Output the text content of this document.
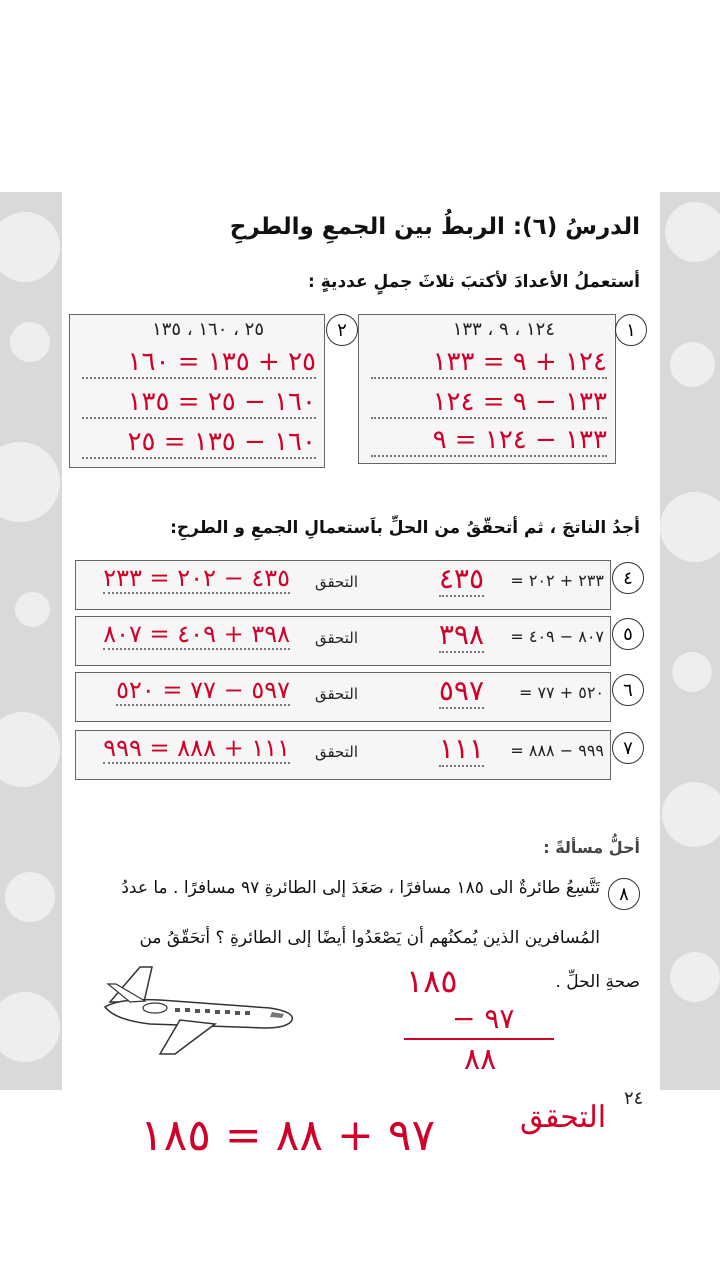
الدرسُ (٦): الربطُ بين الجمعِ والطرحِ
أستعملُ الأعدادَ لأكتبَ ثلاثَ جملٍ عدديةٍ :
١٢٤ ، ٩ ، ١٣٣
١٢٤ + ٩ = ١٣٣
١٣٣ − ٩ = ١٢٤
١٣٣ − ١٢٤ = ٩
١
٢٥ ، ١٦٠ ، ١٣٥
٢٥ + ١٣٥ = ١٦٠
١٦٠ − ٢٥ = ١٣٥
١٦٠ − ١٣٥ = ٢٥
٢
أجدُ الناتجَ ، ثم أتحقّقُ من الحلِّ باَستعمالِ الجمعِ و الطرحِ:
٢٣٣ + ٢٠٢ =
٤٣٥
التحقق
٤٣٥ − ٢٠٢ = ٢٣٣	٤
٨٠٧ − ٤٠٩ =
٣٩٨
التحقق
٣٩٨ + ٤٠٩ = ٨٠٧	٥
٥٢٠ + ٧٧ =
٥٩٧
التحقق
٥٩٧ − ٧٧ = ٥٢٠	٦
٩٩٩ − ٨٨٨ =
١١١
التحقق
١١١ + ٨٨٨ = ٩٩٩	٧
أحلُّ مسألةً :
٨
تَتَّسِعُ طائرةٌ الى ١٨٥ مسافرًا ، صَعَدَ إلى الطائرةِ ٩٧ مسافرًا . ما عددُ
المُسافرين الذين يُمكنُهم أن يَصْعَدُوا أيضًا إلى الطائرةِ ؟ أتحَقّقُ من
صحةِ الحلِّ .
١٨٥
٩٧ −
٨٨
٢٤
التحقق
٩٧ + ٨٨ = ١٨٥
